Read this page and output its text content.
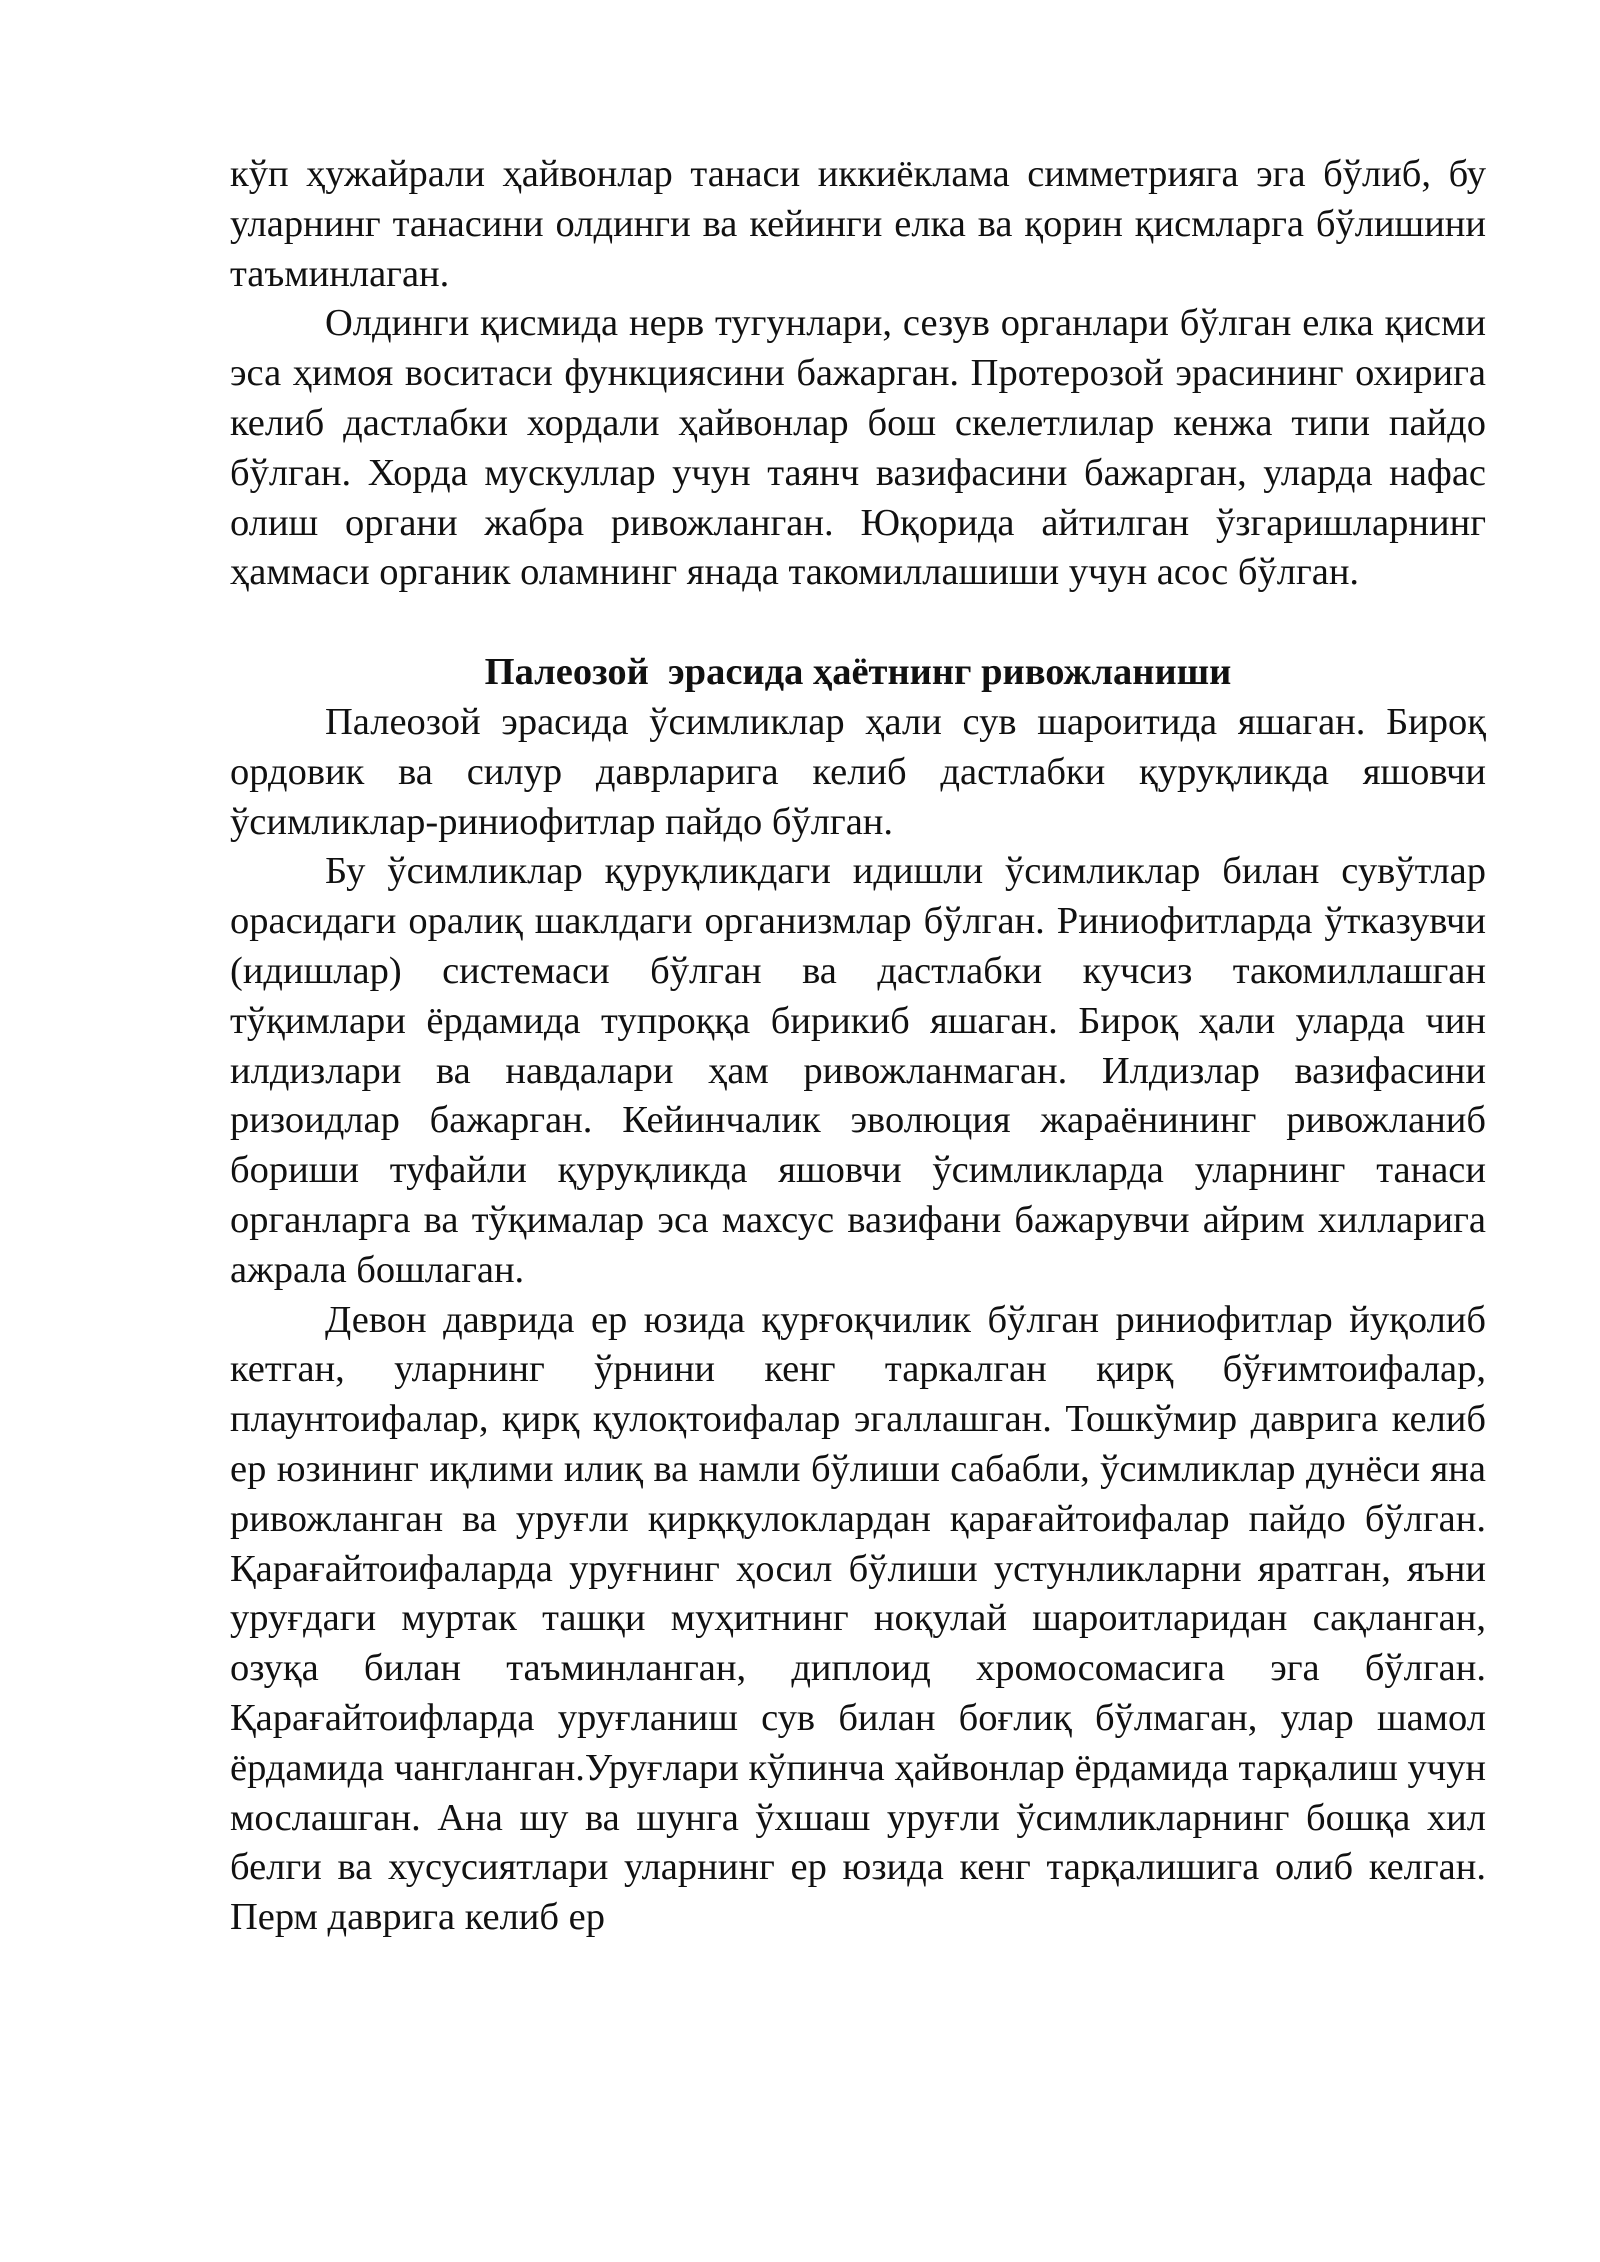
кўп ҳужайрали ҳайвонлар танаси иккиёклама симметрияга эга бўлиб, бу уларнинг танасини олдинги ва кейинги елка ва қорин қисмларга бўлишини таъминлаган.

Олдинги қисмида нерв тугунлари, сезув органлари бўлган елка қисми эса ҳимоя воситаси функциясини бажарган. Протерозой эрасининг охирига келиб дастлабки хордали ҳайвонлар бош скелетлилар кенжа типи пайдо бўлган. Хорда мускуллар учун таянч вазифасини бажарган, уларда нафас олиш органи жабра ривожланган. Юқорида айтилган ўзгаришларнинг ҳаммаси органик оламнинг янада такомиллашиши учун асос бўлган.

Палеозой  эрасида ҳаётнинг ривожланиши

Палеозой эрасида ўсимликлар ҳали сув шароитида яшаган. Бироқ ордовик ва силур даврларига келиб дастлабки қуруқликда яшовчи ўсимликлар-риниофитлар пайдо бўлган.

Бу ўсимликлар қуруқликдаги идишли ўсимликлар билан сувўтлар орасидаги оралиқ шаклдаги организмлар бўлган. Риниофитларда ўтказувчи (идишлар) системаси бўлган ва дастлабки кучсиз такомиллашган тўқимлари ёрдамида тупроққа бирикиб яшаган. Бироқ ҳали уларда чин илдизлари ва навдалари ҳам ривожланмаган. Илдизлар вазифасини ризоидлар бажарган. Кейинчалик эволюция жараёнининг ривожланиб бориши туфайли қуруқликда яшовчи ўсимликларда уларнинг танаси органларга ва тўқималар эса махсус вазифани бажарувчи айрим хилларига ажрала бошлаган.

Девон даврида ер юзида қурғоқчилик бўлган риниофитлар йуқолиб кетган, уларнинг ўрнини кенг таркалган қирқ бўғимтоифалар, плаунтоифалар, қирқ қулоқтоифалар эгаллашган. Тошкўмир даврига келиб ер юзининг иқлими илиқ ва намли бўлиши сабабли, ўсимликлар дунёси яна ривожланган ва уруғли қирққулоклардан қарағайтоифалар пайдо бўлган. Қарағайтоифаларда уруғнинг ҳосил бўлиши устунликларни яратган, яъни уруғдаги муртак ташқи муҳитнинг ноқулай шароитларидан сақланган, озуқа билан таъминланган, диплоид хромосомасига эга бўлган. Қарағайтоифларда уруғланиш сув билан боғлиқ бўлмаган, улар шамол ёрдамида чангланган.Уруғлари кўпинча ҳайвонлар ёрдамида тарқалиш учун мослашган. Ана шу ва шунга ўхшаш уруғли ўсимликларнинг бошқа хил белги ва хусусиятлари уларнинг ер юзида кенг тарқалишига олиб келган. Перм даврига келиб ер
